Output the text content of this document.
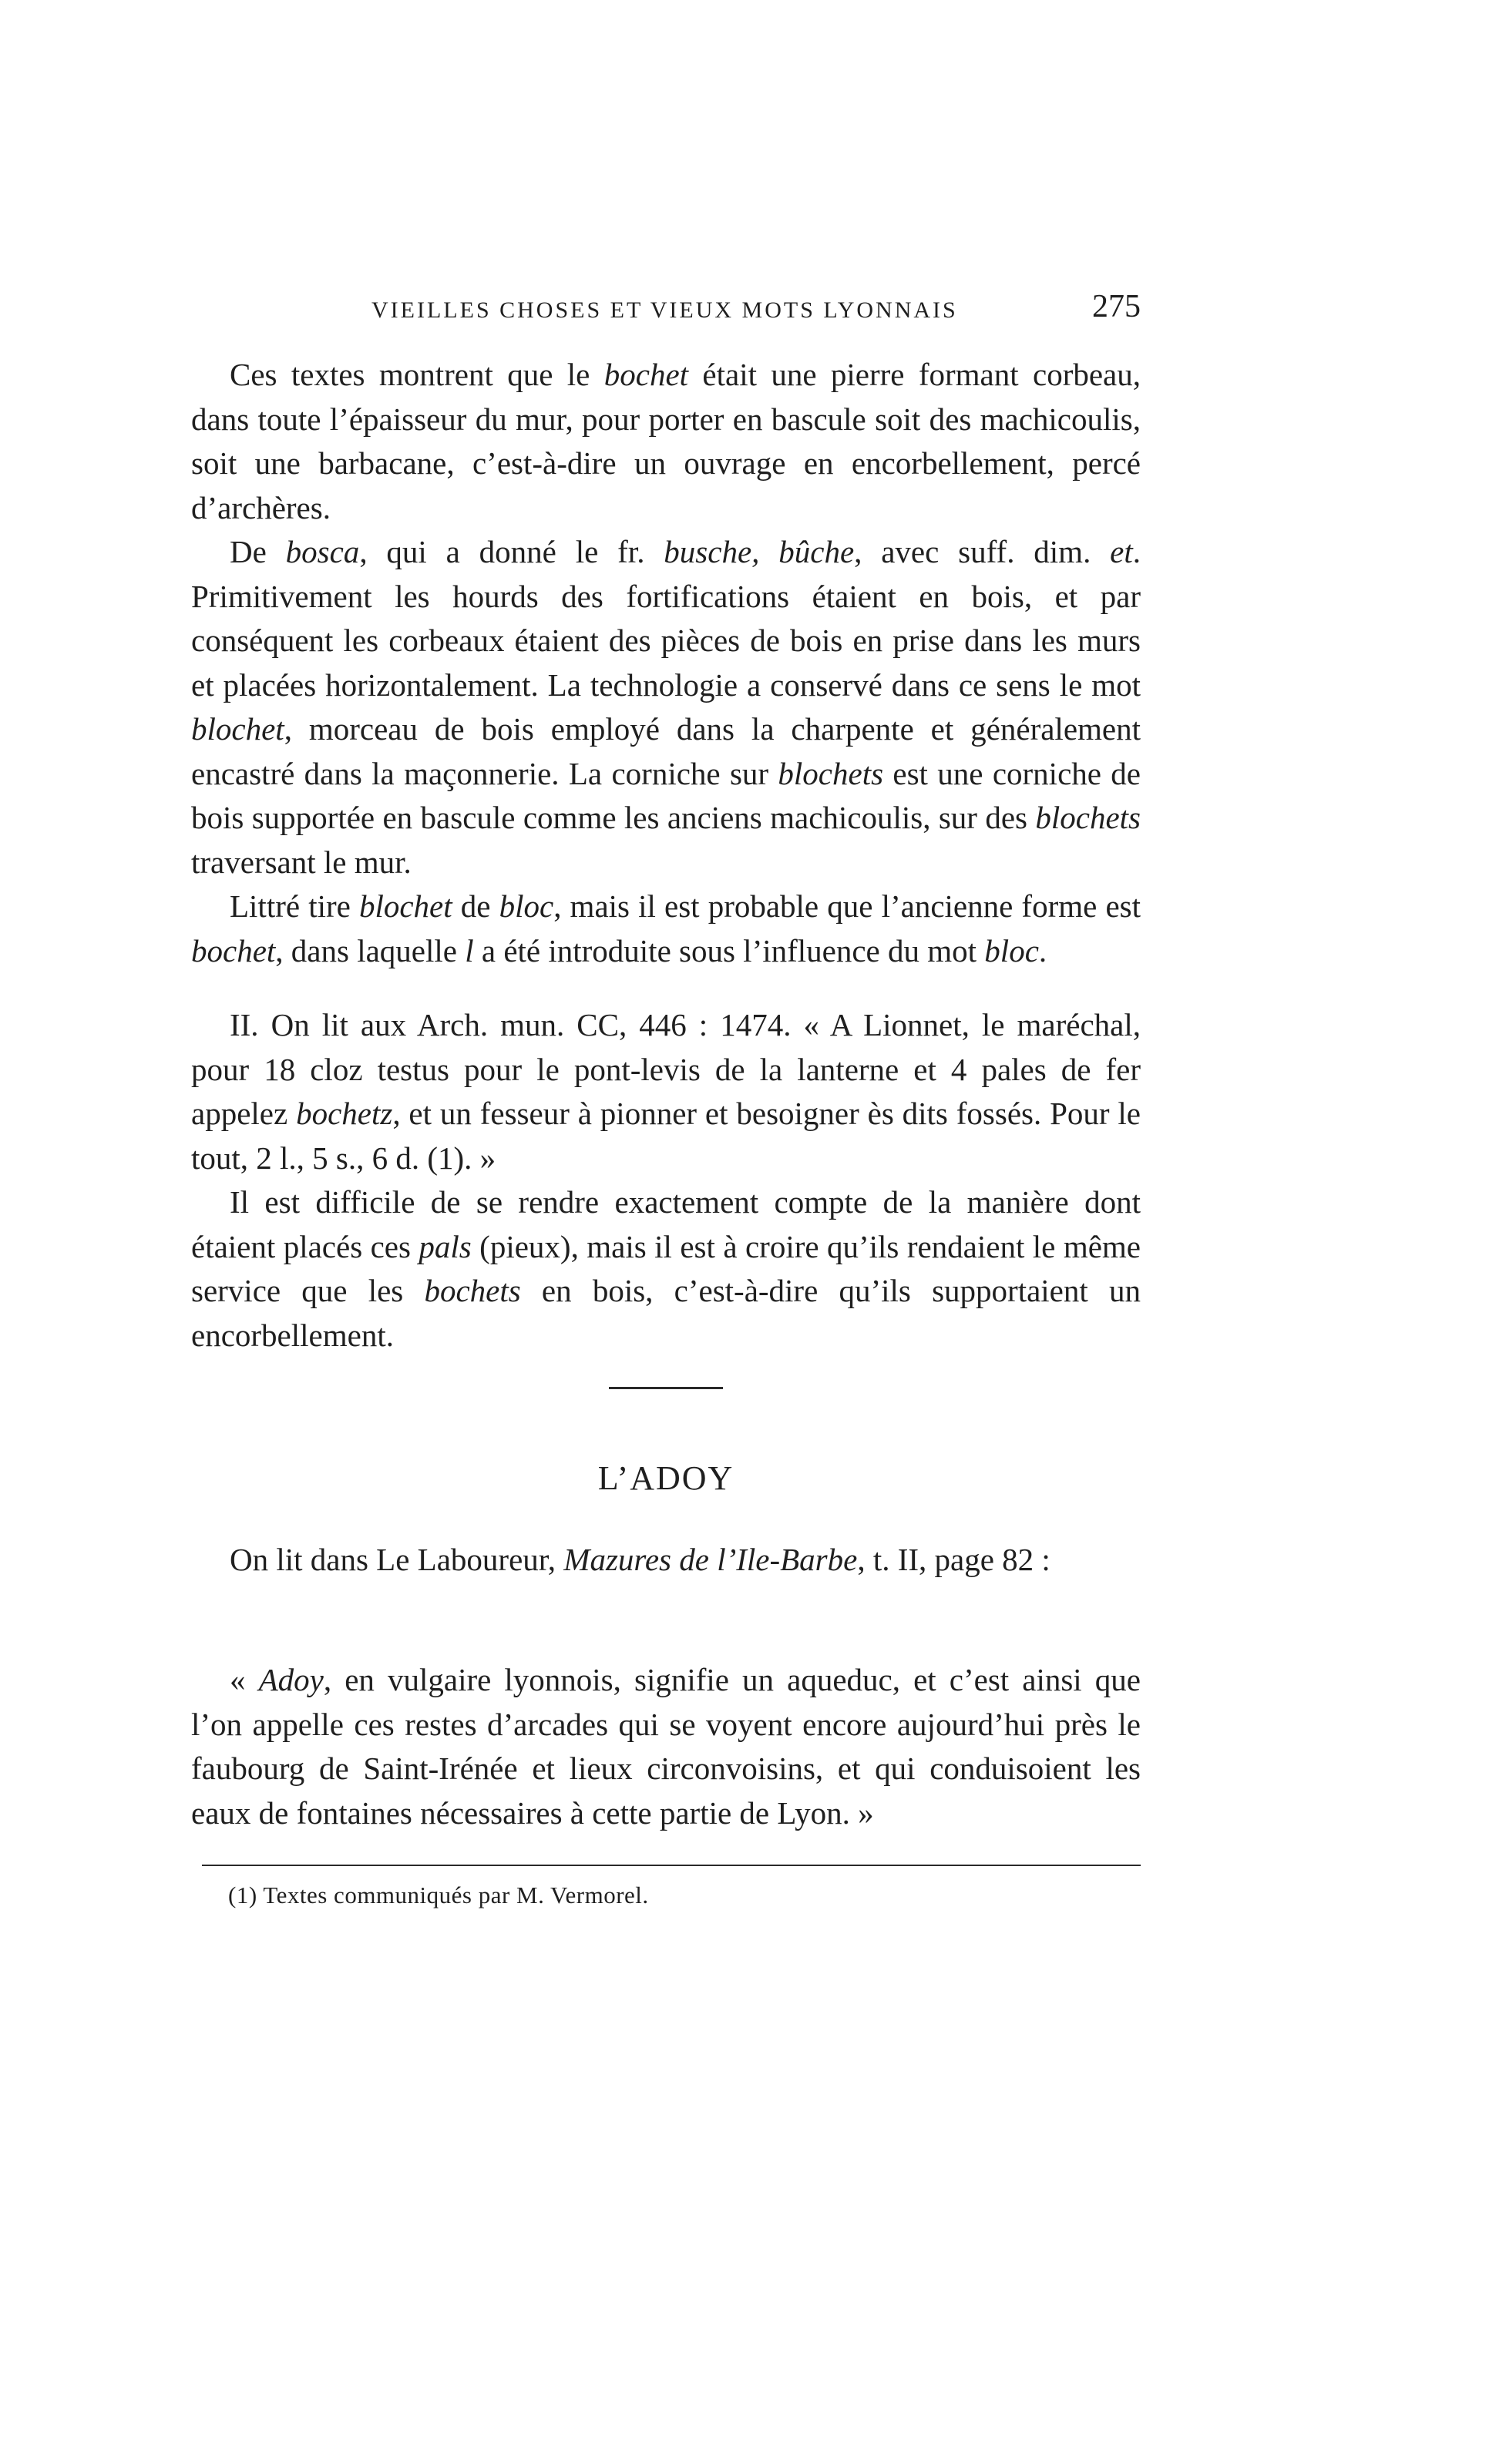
VIEILLES CHOSES ET VIEUX MOTS LYONNAIS	275

Ces textes montrent que le bochet était une pierre formant corbeau, dans toute l’épaisseur du mur, pour porter en bascule soit des machicoulis, soit une barbacane, c’est-à-dire un ouvrage en encorbellement, percé d’archères.

De bosca, qui a donné le fr. busche, bûche, avec suff. dim. et. Primitivement les hourds des fortifications étaient en bois, et par conséquent les corbeaux étaient des pièces de bois en prise dans les murs et placées horizontalement. La technologie a conservé dans ce sens le mot blochet, morceau de bois employé dans la charpente et généralement encastré dans la maçonnerie. La corniche sur blochets est une corniche de bois supportée en bascule comme les anciens machicoulis, sur des blochets traversant le mur.

Littré tire blochet de bloc, mais il est probable que l’ancienne forme est bochet, dans laquelle l a été introduite sous l’influence du mot bloc.

II. On lit aux Arch. mun. CC, 446 : 1474. « A Lionnet, le maréchal, pour 18 cloz testus pour le pont-levis de la lanterne et 4 pales de fer appelez bochetz, et un fesseur à pionner et besoigner ès dits fossés. Pour le tout, 2 l., 5 s., 6 d. (1). »

Il est difficile de se rendre exactement compte de la manière dont étaient placés ces pals (pieux), mais il est à croire qu’ils rendaient le même service que les bochets en bois, c’est-à-dire qu’ils supportaient un encorbellement.

L’ADOY

On lit dans Le Laboureur, Mazures de l’Ile-Barbe, t. II, page 82 :

« Adoy, en vulgaire lyonnois, signifie un aqueduc, et c’est ainsi que l’on appelle ces restes d’arcades qui se voyent encore aujourd’hui près le faubourg de Saint-Irénée et lieux circonvoisins, et qui conduisoient les eaux de fontaines nécessaires à cette partie de Lyon. »

(1) Textes communiqués par M. Vermorel.
